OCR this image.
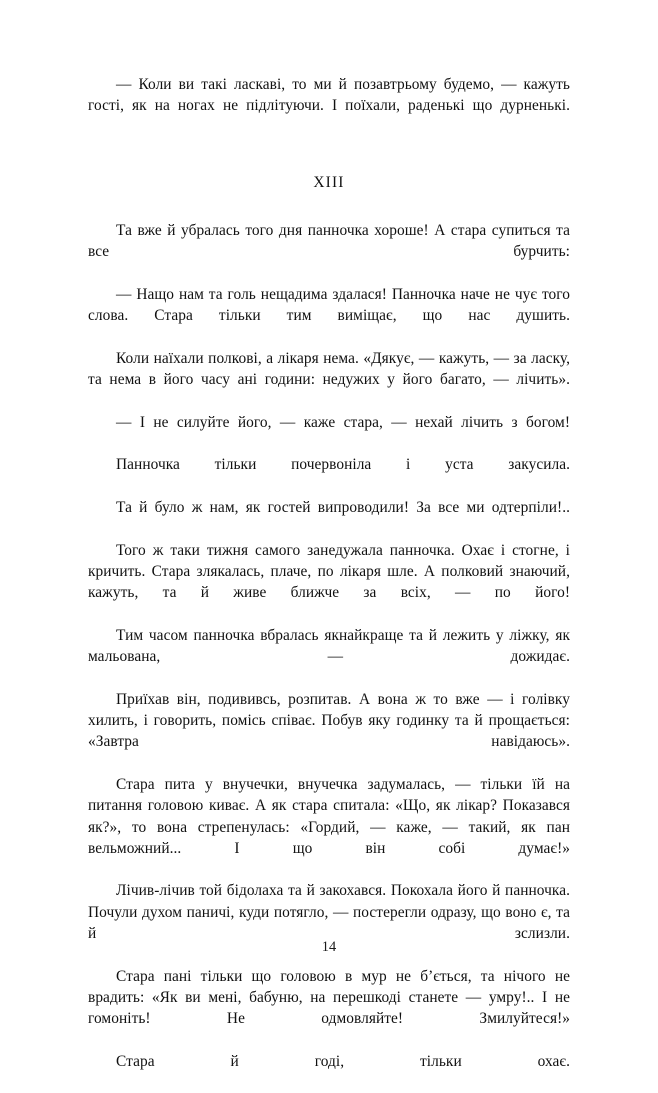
— Коли ви такі ласкаві, то ми й позавтрьому будемо, — кажуть гості, як на ногах не підлітуючи. І поїхали, раденькі що дурненькі.

XIII

Та вже й убралась того дня панночка хороше! А стара супиться та все бурчить:

— Нащо нам та голь нещадима здалася! Панночка наче не чує того слова. Стара тільки тим виміщає, що нас душить.

Коли наїхали полкові, а лікаря нема. «Дякує, — кажуть, — за ласку, та нема в його часу ані години: недужих у його багато, — лічить».

— І не силуйте його, — каже стара, — нехай лічить з богом!

Панночка тільки почервоніла і уста закусила.

Та й було ж нам, як гостей випроводили! За все ми одтерпіли!..

Того ж таки тижня самого занедужала панночка. Охає і стогне, і кричить. Стара злякалась, плаче, по лікаря шле. А полковий знаючий, кажуть, та й живе ближче за всіх, — по його!

Тим часом панночка вбралась якнайкраще та й лежить у ліжку, як мальована, — дожидає.

Приїхав він, подививсь, розпитав. А вона ж то вже — і голівку хилить, і говорить, помісь співає. Побув яку годинку та й прощається: «Завтра навідаюсь».

Стара пита у внучечки, внучечка задумалась, — тільки їй на питання головою киває. А як стара спитала: «Що, як лікар? Показався як?», то вона стрепенулась: «Гордий, — каже, — такий, як пан вельможний... І що він собі думає!»

Лічив-лічив той бідолаха та й закохався. Покохала його й панночка. Почули духом паничі, куди потягло, — постерегли одразу, що воно є, та й зслизли.

Стара пані тільки що головою в мур не б’ється, та нічого не врадить: «Як ви мені, бабуню, на перешкоді станете — умру!.. І не гомоніть! Не одмовляйте! Змилуйтеся!»

Стара й годі, тільки охає.

14
